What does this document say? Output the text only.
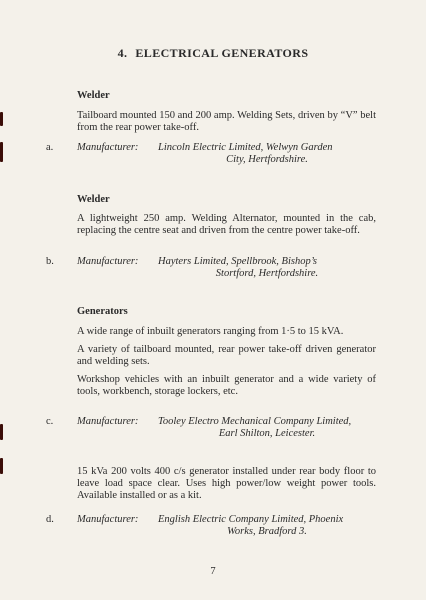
4. ELECTRICAL GENERATORS
Welder

Tailboard mounted 150 and 200 amp. Welding Sets, driven by “V” belt from the rear power take-off.

a. Manufacturer: Lincoln Electric Limited, Welwyn Garden
City, Hertfordshire.
Welder

A lightweight 250 amp. Welding Alternator, mounted in the cab, replacing the centre seat and driven from the centre power take-off.

b. Manufacturer: Hayters Limited, Spellbrook, Bishop’s
Stortford, Hertfordshire.
Generators

A wide range of inbuilt generators ranging from 1·5 to 15 kVA.

A variety of tailboard mounted, rear power take-off driven generator and welding sets.

Workshop vehicles with an inbuilt generator and a wide variety of tools, workbench, storage lockers, etc.

c. Manufacturer: Tooley Electro Mechanical Company Limited,
Earl Shilton, Leicester.

15 kVa 200 volts 400 c/s generator installed under rear body floor to leave load space clear. Uses high power/low weight power tools. Available installed or as a kit.

d. Manufacturer: English Electric Company Limited, Phoenix
Works, Bradford 3.
7
